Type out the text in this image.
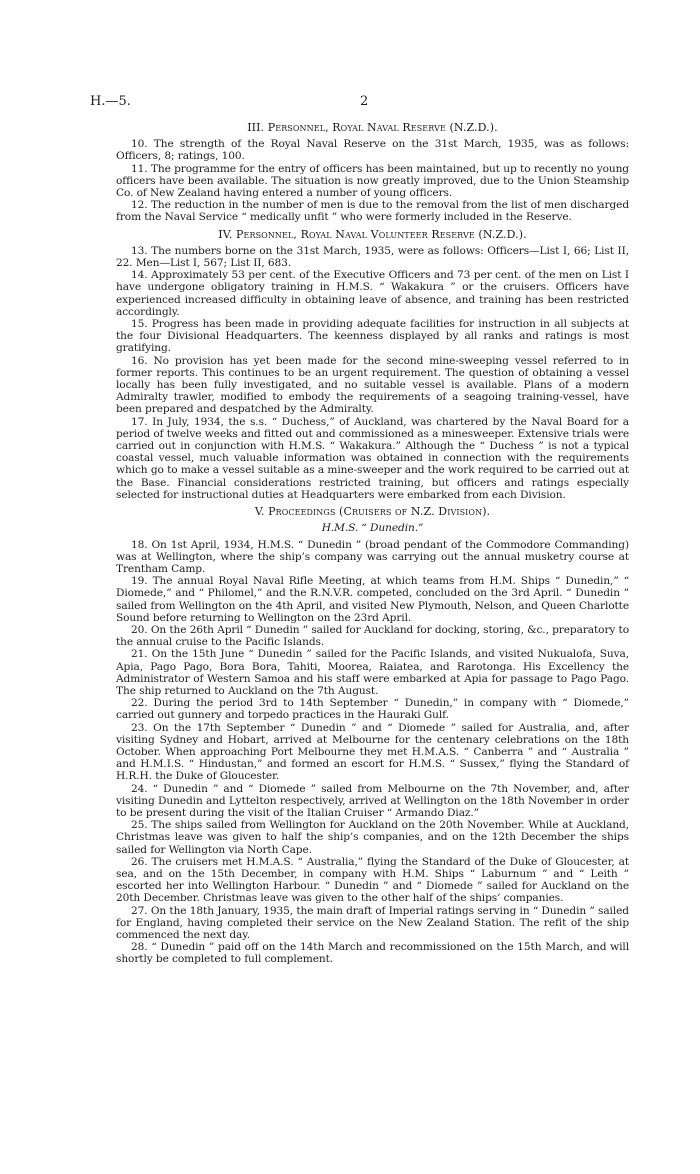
H.—5.	2
III. Personnel, Royal Naval Reserve (N.Z.D.).

10. The strength of the Royal Naval Reserve on the 31st March, 1935, was as follows: Officers, 8; ratings, 100.

11. The programme for the entry of officers has been maintained, but up to recently no young officers have been available. The situation is now greatly improved, due to the Union Steamship Co. of New Zealand having entered a number of young officers.

12. The reduction in the number of men is due to the removal from the list of men discharged from the Naval Service “ medically unfit ” who were formerly included in the Reserve.

IV. Personnel, Royal Naval Volunteer Reserve (N.Z.D.).

13. The numbers borne on the 31st March, 1935, were as follows: Officers—List I, 66; List II, 22. Men—List I, 567; List II, 683.

14. Approximately 53 per cent. of the Executive Officers and 73 per cent. of the men on List I have undergone obligatory training in H.M.S. “ Wakakura ” or the cruisers. Officers have experienced increased difficulty in obtaining leave of absence, and training has been restricted accordingly.

15. Progress has been made in providing adequate facilities for instruction in all subjects at the four Divisional Headquarters. The keenness displayed by all ranks and ratings is most gratifying.

16. No provision has yet been made for the second mine-sweeping vessel referred to in former reports. This continues to be an urgent requirement. The question of obtaining a vessel locally has been fully investigated, and no suitable vessel is available. Plans of a modern Admiralty trawler, modified to embody the requirements of a seagoing training-vessel, have been prepared and despatched by the Admiralty.

17. In July, 1934, the s.s. “ Duchess,” of Auckland, was chartered by the Naval Board for a period of twelve weeks and fitted out and commissioned as a minesweeper. Extensive trials were carried out in conjunction with H.M.S. “ Wakakura.” Although the “ Duchess ” is not a typical coastal vessel, much valuable information was obtained in connection with the requirements which go to make a vessel suitable as a mine-sweeper and the work required to be carried out at the Base. Financial considerations restricted training, but officers and ratings especially selected for instructional duties at Headquarters were embarked from each Division.

V. Proceedings (Cruisers of N.Z. Division).
H.M.S. “ Dunedin.”

18. On 1st April, 1934, H.M.S. “ Dunedin ” (broad pendant of the Commodore Commanding) was at Wellington, where the ship’s company was carrying out the annual musketry course at Trentham Camp.

19. The annual Royal Naval Rifle Meeting, at which teams from H.M. Ships “ Dunedin,” “ Diomede,” and “ Philomel,” and the R.N.V.R. competed, concluded on the 3rd April. “ Dunedin ” sailed from Wellington on the 4th April, and visited New Plymouth, Nelson, and Queen Charlotte Sound before returning to Wellington on the 23rd April.

20. On the 26th April “ Dunedin ” sailed for Auckland for docking, storing, &c., preparatory to the annual cruise to the Pacific Islands.

21. On the 15th June “ Dunedin ” sailed for the Pacific Islands, and visited Nukualofa, Suva, Apia, Pago Pago, Bora Bora, Tahiti, Moorea, Raiatea, and Rarotonga. His Excellency the Administrator of Western Samoa and his staff were embarked at Apia for passage to Pago Pago. The ship returned to Auckland on the 7th August.

22. During the period 3rd to 14th September “ Dunedin,” in company with “ Diomede,” carried out gunnery and torpedo practices in the Hauraki Gulf.

23. On the 17th September “ Dunedin ” and “ Diomede ” sailed for Australia, and, after visiting Sydney and Hobart, arrived at Melbourne for the centenary celebrations on the 18th October. When approaching Port Melbourne they met H.M.A.S. “ Canberra ” and “ Australia ” and H.M.I.S. “ Hindustan,” and formed an escort for H.M.S. “ Sussex,” flying the Standard of H.R.H. the Duke of Gloucester.

24. “ Dunedin ” and “ Diomede ” sailed from Melbourne on the 7th November, and, after visiting Dunedin and Lyttelton respectively, arrived at Wellington on the 18th November in order to be present during the visit of the Italian Cruiser “ Armando Diaz.”

25. The ships sailed from Wellington for Auckland on the 20th November. While at Auckland, Christmas leave was given to half the ship’s companies, and on the 12th December the ships sailed for Wellington via North Cape.

26. The cruisers met H.M.A.S. “ Australia,” flying the Standard of the Duke of Gloucester, at sea, and on the 15th December, in company with H.M. Ships “ Laburnum ” and “ Leith ” escorted her into Wellington Harbour. “ Dunedin ” and “ Diomede ” sailed for Auckland on the 20th December. Christmas leave was given to the other half of the ships’ companies.

27. On the 18th January, 1935, the main draft of Imperial ratings serving in “ Dunedin ” sailed for England, having completed their service on the New Zealand Station. The refit of the ship commenced the next day.

28. “ Dunedin ” paid off on the 14th March and recommissioned on the 15th March, and will shortly be completed to full complement.
